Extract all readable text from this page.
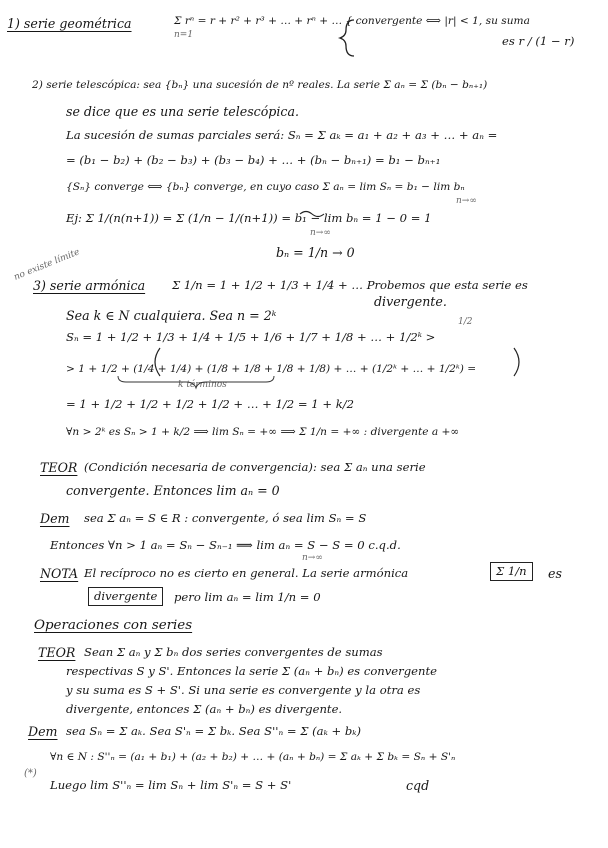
1) serie geométrica	Σ rⁿ = r + r² + r³ + … + rⁿ + … { convergente ⟺ |r| < 1, su suma
es r / (1 − r)
n=1
2) serie telescópica: sea {bₙ} una sucesión de nº reales. La serie Σ aₙ = Σ (bₙ − bₙ₊₁)
se dice que es una serie telescópica.
La sucesión de sumas parciales será: Sₙ = Σ aₖ = a₁ + a₂ + a₃ + … + aₙ =
= (b₁ − b₂) + (b₂ − b₃) + (b₃ − b₄) + … + (bₙ − bₙ₊₁) = b₁ − bₙ₊₁
{Sₙ} converge ⟺ {bₙ} converge, en cuyo caso Σ aₙ = lim Sₙ = b₁ − lim bₙ
n→∞
Ej: Σ 1/(n(n+1)) = Σ (1/n − 1/(n+1)) = b₁ − lim bₙ = 1 − 0 = 1
n→∞
bₙ = 1/n → 0
no existe límite
3) serie armónica Σ 1/n = 1 + 1/2 + 1/3 + 1/4 + … Probemos que esta serie es
divergente.
Sea k ∈ N cualquiera. Sea n = 2ᵏ
Sₙ = 1 + 1/2 + 1/3 + 1/4 + 1/5 + 1/6 + 1/7 + 1/8 + … + 1/2ᵏ >
1/2
> 1 + 1/2 + (1/4 + 1/4) + (1/8 + 1/8 + 1/8 + 1/8) + … + (1/2ᵏ + … + 1/2ᵏ) =
k términos
= 1 + 1/2 + 1/2 + 1/2 + 1/2 + … + 1/2 = 1 + k/2
∀n > 2ᵏ es Sₙ > 1 + k/2 ⟹ lim Sₙ = +∞ ⟹ Σ 1/n = +∞ : divergente a +∞
TEOR (Condición necesaria de convergencia): sea Σ aₙ una serie
convergente. Entonces lim aₙ = 0
Dem sea Σ aₙ = S ∈ R : convergente, ó sea lim Sₙ = S
Entonces ∀n > 1 aₙ = Sₙ − Sₙ₋₁ ⟹ lim aₙ = S − S = 0 c.q.d.
n→∞
NOTA El recíproco no es cierto en general. La serie armónica	Σ 1/n	es
divergente	pero lim aₙ = lim 1/n = 0
Operaciones con series
TEOR Sean Σ aₙ y Σ bₙ dos series convergentes de sumas
respectivas S y S'. Entonces la serie Σ (aₙ + bₙ) es convergente
y su suma es S + S'. Si una serie es convergente y la otra es
divergente, entonces Σ (aₙ + bₙ) es divergente.
Dem sea Sₙ = Σ aₖ. Sea S'ₙ = Σ bₖ. Sea S''ₙ = Σ (aₖ + bₖ)
∀n ∈ N : S''ₙ = (a₁ + b₁) + (a₂ + b₂) + … + (aₙ + bₙ) = Σ aₖ + Σ bₖ = Sₙ + S'ₙ
(*)
Luego lim S''ₙ = lim Sₙ + lim S'ₙ = S + S'	cqd
